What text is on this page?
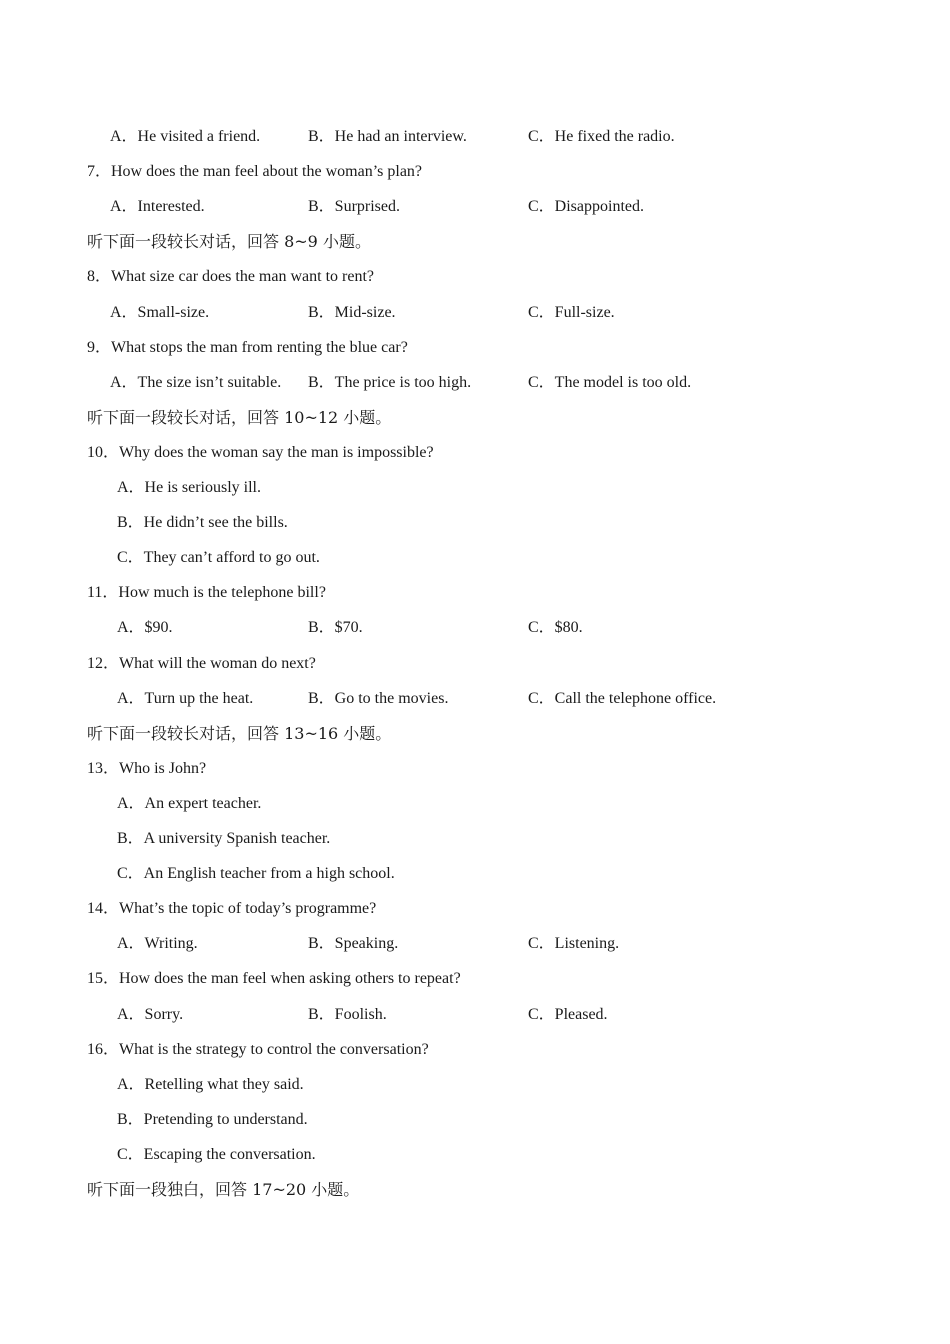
A．He visited a friend.	B．He had an interview.	C．He fixed the radio.
7．How does the man feel about the woman’s plan?
A．Interested.	B．Surprised.	C．Disappointed.
听下面一段较长对话，回答 8~9 小题。
8．What size car does the man want to rent?
A．Small-size.	B．Mid-size.	C．Full-size.
9．What stops the man from renting the blue car?
A．The size isn’t suitable. B．The price is too high.	C．The model is too old.
听下面一段较长对话，回答 10~12 小题。
10．Why does the woman say the man is impossible?
A．He is seriously ill.
B．He didn’t see the bills.
C．They can’t afford to go out.
11．How much is the telephone bill?
A．$90.	B．$70.	C．$80.
12．What will the woman do next?
A．Turn up the heat.	B．Go to the movies.	C．Call the telephone office.
听下面一段较长对话，回答 13~16 小题。
13．Who is John?
A．An expert teacher.
B．A university Spanish teacher.
C．An English teacher from a high school.
14．What’s the topic of today’s programme?
A．Writing.	B．Speaking.	C．Listening.
15．How does the man feel when asking others to repeat?
A．Sorry.	B．Foolish.	C．Pleased.
16．What is the strategy to control the conversation?
A．Retelling what they said.
B．Pretending to understand.
C．Escaping the conversation.
听下面一段独白，回答 17~20 小题。
